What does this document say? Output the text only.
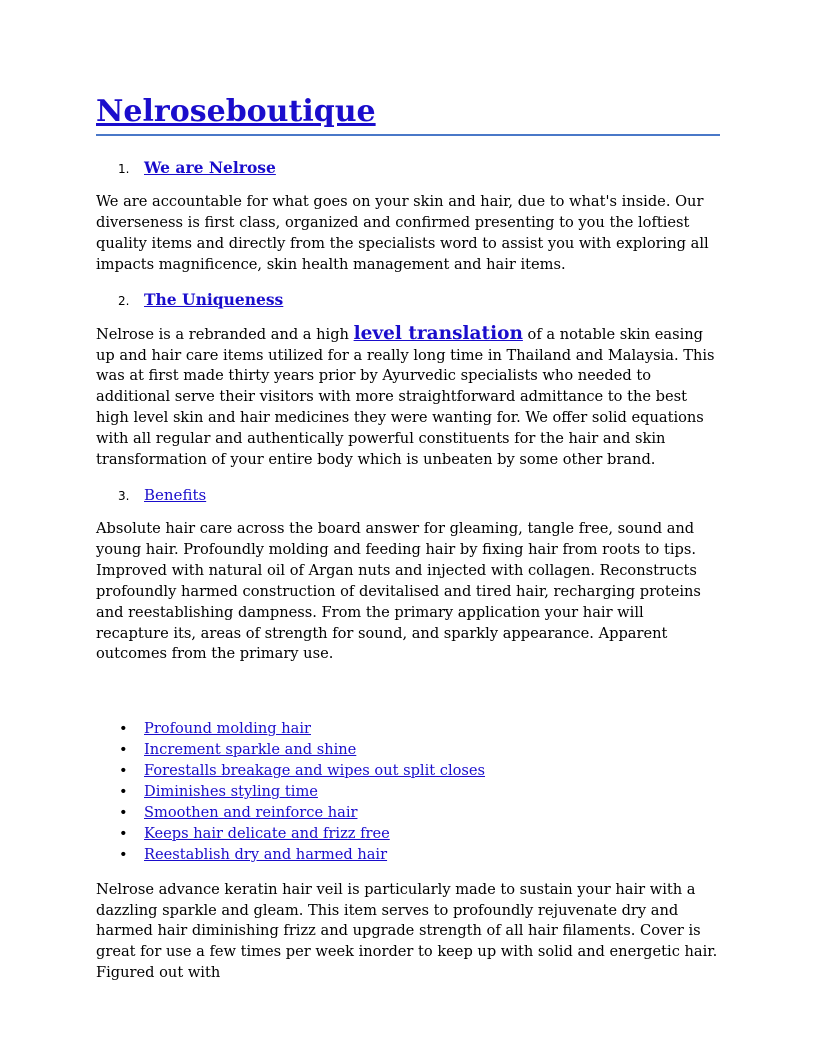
Nelroseboutique
1. We are Nelrose

We are accountable for what goes on your skin and hair, due to what's inside. Our diverseness is first class, organized and confirmed presenting to you the loftiest quality items and directly from the specialists word to assist you with exploring all impacts magnificence, skin health management and hair items.

2. The Uniqueness

Nelrose is a rebranded and a high level translation of a notable skin easing up and hair care items utilized for a really long time in Thailand and Malaysia. This was at first made thirty years prior by Ayurvedic specialists who needed to additional serve their visitors with more straightforward admittance to the best high level skin and hair medicines they were wanting for. We offer solid equations with all regular and authentically powerful constituents for the hair and skin transformation of your entire body which is unbeaten by some other brand.

3. Benefits

Absolute hair care across the board answer for gleaming, tangle free, sound and young hair. Profoundly molding and feeding hair by fixing hair from roots to tips. Improved with natural oil of Argan nuts and injected with collagen. Reconstructs profoundly harmed construction of devitalised and tired hair, recharging proteins and reestablishing dampness. From the primary application your hair will recapture its, areas of strength for sound, and sparkly appearance. Apparent outcomes from the primary use.

• Profound molding hair
• Increment sparkle and shine
• Forestalls breakage and wipes out split closes
• Diminishes styling time
• Smoothen and reinforce hair
• Keeps hair delicate and frizz free
• Reestablish dry and harmed hair

Nelrose advance keratin hair veil is particularly made to sustain your hair with a dazzling sparkle and gleam. This item serves to profoundly rejuvenate dry and harmed hair diminishing frizz and upgrade strength of all hair filaments. Cover is great for use a few times per week inorder to keep up with solid and energetic hair. Figured out with
